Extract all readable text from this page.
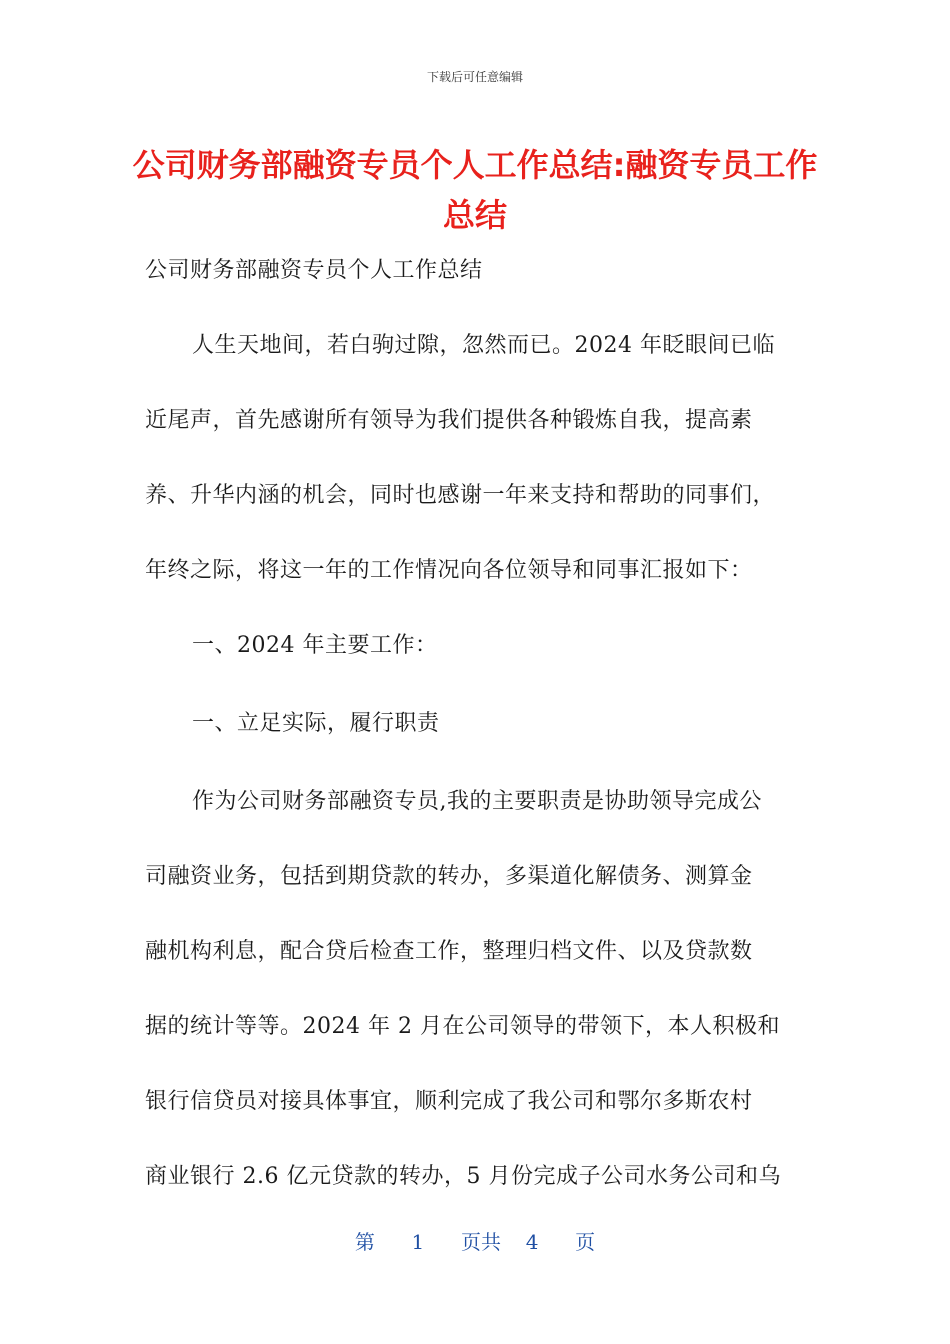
下载后可任意编辑
公司财务部融资专员个人工作总结:融资专员工作总结

公司财务部融资专员个人工作总结

人生天地间，若白驹过隙，忽然而已。2024 年眨眼间已临

近尾声，首先感谢所有领导为我们提供各种锻炼自我，提高素

养、升华内涵的机会，同时也感谢一年来支持和帮助的同事们，

年终之际，将这一年的工作情况向各位领导和同事汇报如下：

一、2024 年主要工作：

一、立足实际，履行职责

作为公司财务部融资专员,我的主要职责是协助领导完成公

司融资业务，包括到期贷款的转办，多渠道化解债务、测算金

融机构利息，配合贷后检查工作，整理归档文件、以及贷款数

据的统计等等。2024 年 2 月在公司领导的带领下，本人积极和

银行信贷员对接具体事宜，顺利完成了我公司和鄂尔多斯农村

商业银行 2.6 亿元贷款的转办，5 月份完成子公司水务公司和乌

第 1 页共 4 页
